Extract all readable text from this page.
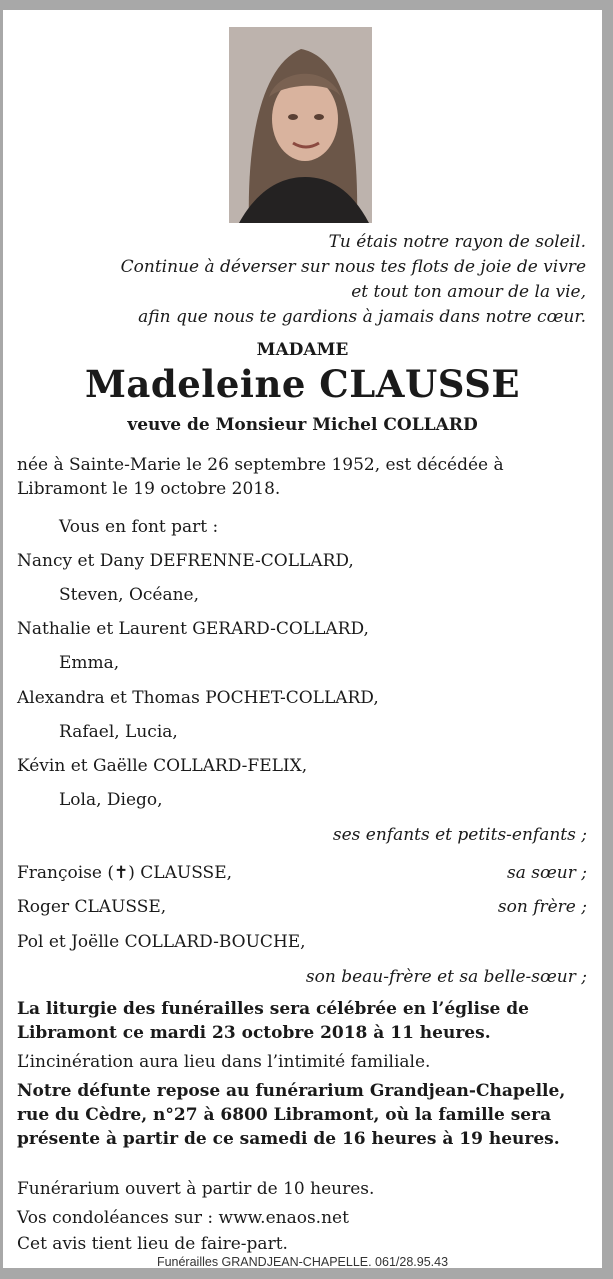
Tu étais notre rayon de soleil.
Continue à déverser sur nous tes flots de joie de vivre
et tout ton amour de la vie,
afin que nous te gardions à jamais dans notre cœur.
MADAME
Madeleine CLAUSSE
veuve de Monsieur Michel COLLARD
née à Sainte-Marie le 26 septembre 1952, est décédée à Libramont le 19 octobre 2018.
Vous en font part :
Nancy et Dany DEFRENNE-COLLARD,
Steven, Océane,
Nathalie et Laurent GERARD-COLLARD,
Emma,
Alexandra et Thomas POCHET-COLLARD,
Rafael, Lucia,
Kévin et Gaëlle COLLARD-FELIX,
Lola, Diego,
ses enfants et petits-enfants ;
Françoise (✝) CLAUSSE,	sa sœur ;
Roger CLAUSSE,	son frère ;
Pol et Joëlle COLLARD-BOUCHE,
son beau-frère et sa belle-sœur ;
La liturgie des funérailles sera célébrée en l’église de Libramont ce mardi 23 octobre 2018 à 11 heures.
L’incinération aura lieu dans l’intimité familiale.
Notre défunte repose au funérarium Grandjean-Chapelle, rue du Cèdre, n°27 à 6800 Libramont, où la famille sera présente à partir de ce samedi de 16 heures à 19 heures.
Funérarium ouvert à partir de 10 heures.
Vos condoléances sur : www.enaos.net
Cet avis tient lieu de faire-part.
Funérailles GRANDJEAN-CHAPELLE. 061/28.95.43
